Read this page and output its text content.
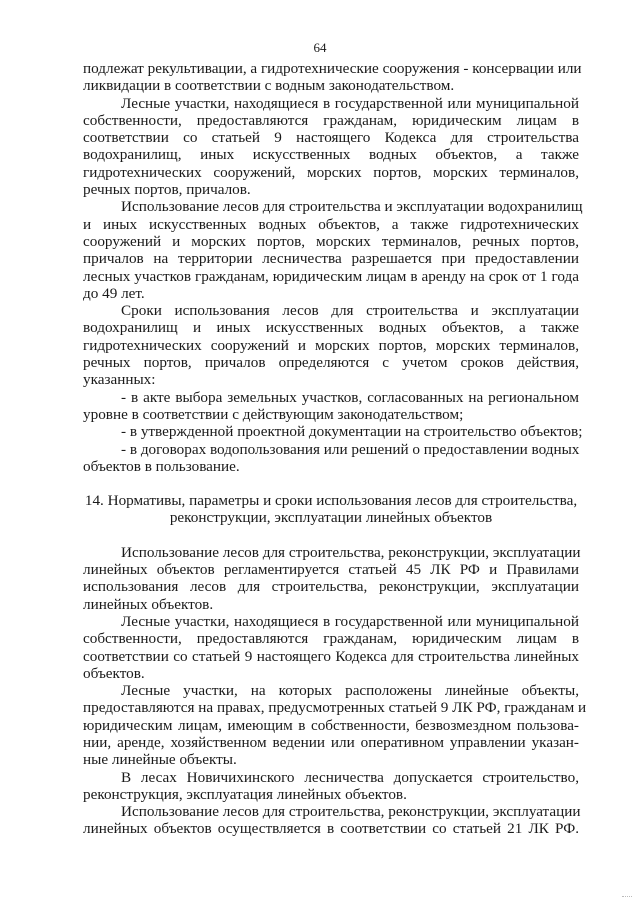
64

подлежат рекультивации, а гидротехнические сооружения - консервации или
ликвидации в соответствии с водным законодательством.

Лесные участки, находящиеся в государственной или муниципальной
собственности, предоставляются гражданам, юридическим лицам в
соответствии со статьей 9 настоящего Кодекса для строительства
водохранилищ, иных искусственных водных объектов, а также
гидротехнических сооружений, морских портов, морских терминалов,
речных портов, причалов.

Использование лесов для строительства и эксплуатации водохранилищ
и иных искусственных водных объектов, а также гидротехнических
сооружений и морских портов, морских терминалов, речных портов,
причалов на территории лесничества разрешается при предоставлении
лесных участков гражданам, юридическим лицам в аренду на срок от 1 года
до 49 лет.

Сроки использования лесов для строительства и эксплуатации
водохранилищ и иных искусственных водных объектов, а также
гидротехнических сооружений и морских портов, морских терминалов,
речных портов, причалов определяются с учетом сроков действия,
указанных:

- в акте выбора земельных участков, согласованных на региональном
уровне в соответствии с действующим законодательством;

- в утвержденной проектной документации на строительство объектов;

- в договорах водопользования или решений о предоставлении водных
объектов в пользование.

14. Нормативы, параметры и сроки использования лесов для строительства,
реконструкции, эксплуатации линейных объектов

Использование лесов для строительства, реконструкции, эксплуатации
линейных объектов регламентируется статьей 45 ЛК РФ и Правилами
использования лесов для строительства, реконструкции, эксплуатации
линейных объектов.

Лесные участки, находящиеся в государственной или муниципальной
собственности, предоставляются гражданам, юридическим лицам в
соответствии со статьей 9 настоящего Кодекса для строительства линейных
объектов.

Лесные участки, на которых расположены линейные объекты,
предоставляются на правах, предусмотренных статьей 9 ЛК РФ, гражданам и
юридическим лицам, имеющим в собственности, безвозмездном пользова-
нии, аренде, хозяйственном ведении или оперативном управлении указан-
ные линейные объекты.

В лесах Новичихинского лесничества допускается строительство,
реконструкция, эксплуатация линейных объектов.

Использование лесов для строительства, реконструкции, эксплуатации
линейных объектов осуществляется в соответствии со статьей 21 ЛК РФ.
